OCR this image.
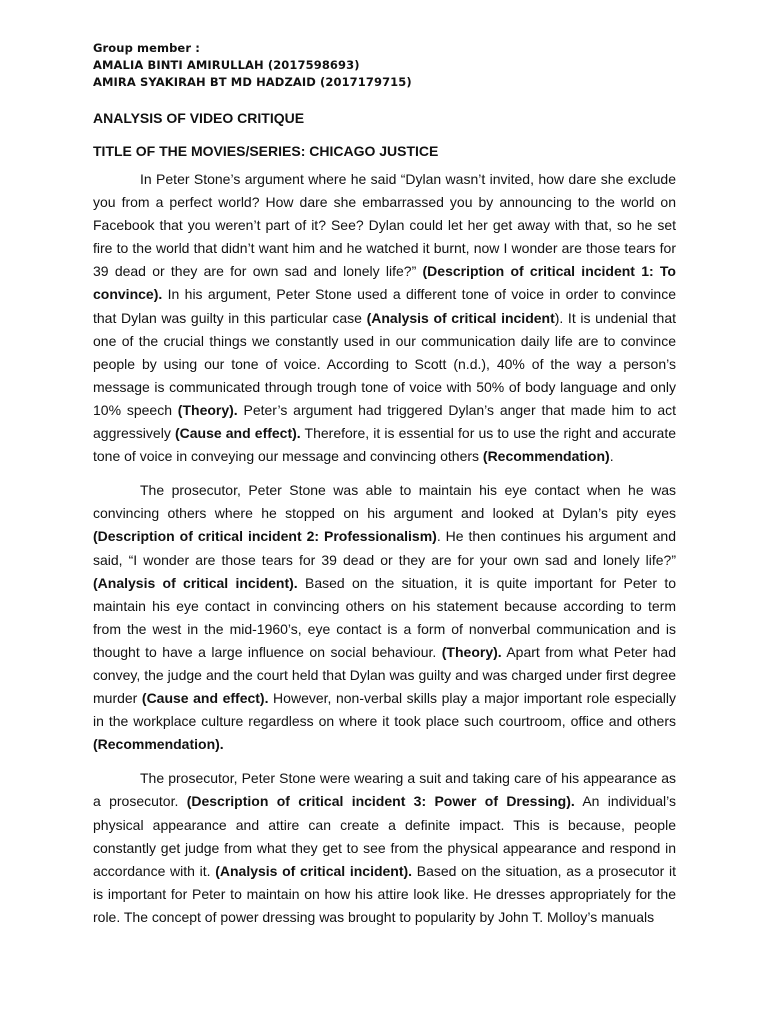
Group member :
AMALIA BINTI AMIRULLAH (2017598693)
AMIRA SYAKIRAH BT MD HADZAID (2017179715)
ANALYSIS OF VIDEO CRITIQUE
TITLE OF THE MOVIES/SERIES: CHICAGO JUSTICE

In Peter Stone’s argument where he said “Dylan wasn’t invited, how dare she exclude you from a perfect world? How dare she embarrassed you by announcing to the world on Facebook that you weren’t part of it? See? Dylan could let her get away with that, so he set fire to the world that didn’t want him and he watched it burnt, now I wonder are those tears for 39 dead or they are for own sad and lonely life?” (Description of critical incident 1: To convince). In his argument, Peter Stone used a different tone of voice in order to convince that Dylan was guilty in this particular case (Analysis of critical incident). It is undenial that one of the crucial things we constantly used in our communication daily life are to convince people by using our tone of voice. According to Scott (n.d.), 40% of the way a person’s message is communicated through trough tone of voice with 50% of body language and only 10% speech (Theory). Peter’s argument had triggered Dylan’s anger that made him to act aggressively (Cause and effect). Therefore, it is essential for us to use the right and accurate tone of voice in conveying our message and convincing others (Recommendation).

The prosecutor, Peter Stone was able to maintain his eye contact when he was convincing others where he stopped on his argument and looked at Dylan’s pity eyes (Description of critical incident 2: Professionalism). He then continues his argument and said, “I wonder are those tears for 39 dead or they are for your own sad and lonely life?” (Analysis of critical incident). Based on the situation, it is quite important for Peter to maintain his eye contact in convincing others on his statement because according to term from the west in the mid-1960’s, eye contact is a form of nonverbal communication and is thought to have a large influence on social behaviour. (Theory). Apart from what Peter had convey, the judge and the court held that Dylan was guilty and was charged under first degree murder (Cause and effect). However, non-verbal skills play a major important role especially in the workplace culture regardless on where it took place such courtroom, office and others (Recommendation).

The prosecutor, Peter Stone were wearing a suit and taking care of his appearance as a prosecutor. (Description of critical incident 3: Power of Dressing). An individual’s physical appearance and attire can create a definite impact. This is because, people constantly get judge from what they get to see from the physical appearance and respond in accordance with it. (Analysis of critical incident). Based on the situation, as a prosecutor it is important for Peter to maintain on how his attire look like. He dresses appropriately for the role. The concept of power dressing was brought to popularity by John T. Molloy’s manuals
